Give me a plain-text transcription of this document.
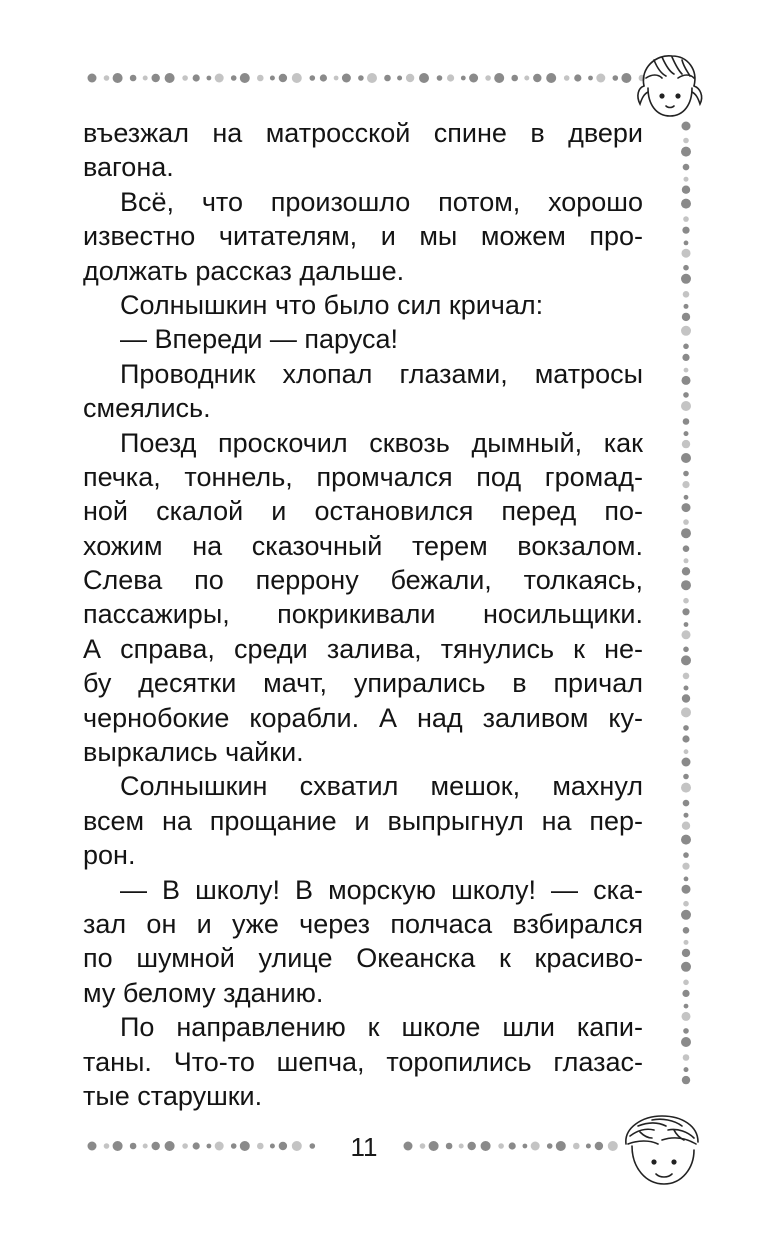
въезжал на матросской спине в двери
вагона.
Всё, что произошло потом, хорошо
известно читателям, и мы можем про-
должать рассказ дальше.
Солнышкин что было сил кричал:
— Впереди — паруса!
Проводник хлопал глазами, матросы
смеялись.
Поезд проскочил сквозь дымный, как
печка, тоннель, промчался под громад-
ной скалой и остановился перед по-
хожим на сказочный терем вокзалом.
Слева по перрону бежали, толкаясь,
пассажиры, покрикивали носильщики.
А справа, среди залива, тянулись к не-
бу десятки мачт, упирались в причал
чернобокие корабли. А над заливом ку-
выркались чайки.
Солнышкин схватил мешок, махнул
всем на прощание и выпрыгнул на пер-
рон.
— В школу! В морскую школу! — ска-
зал он и уже через полчаса взбирался
по шумной улице Океанска к красиво-
му белому зданию.
По направлению к школе шли капи-
таны. Что-то шепча, торопились глазас-
тые старушки.
11
